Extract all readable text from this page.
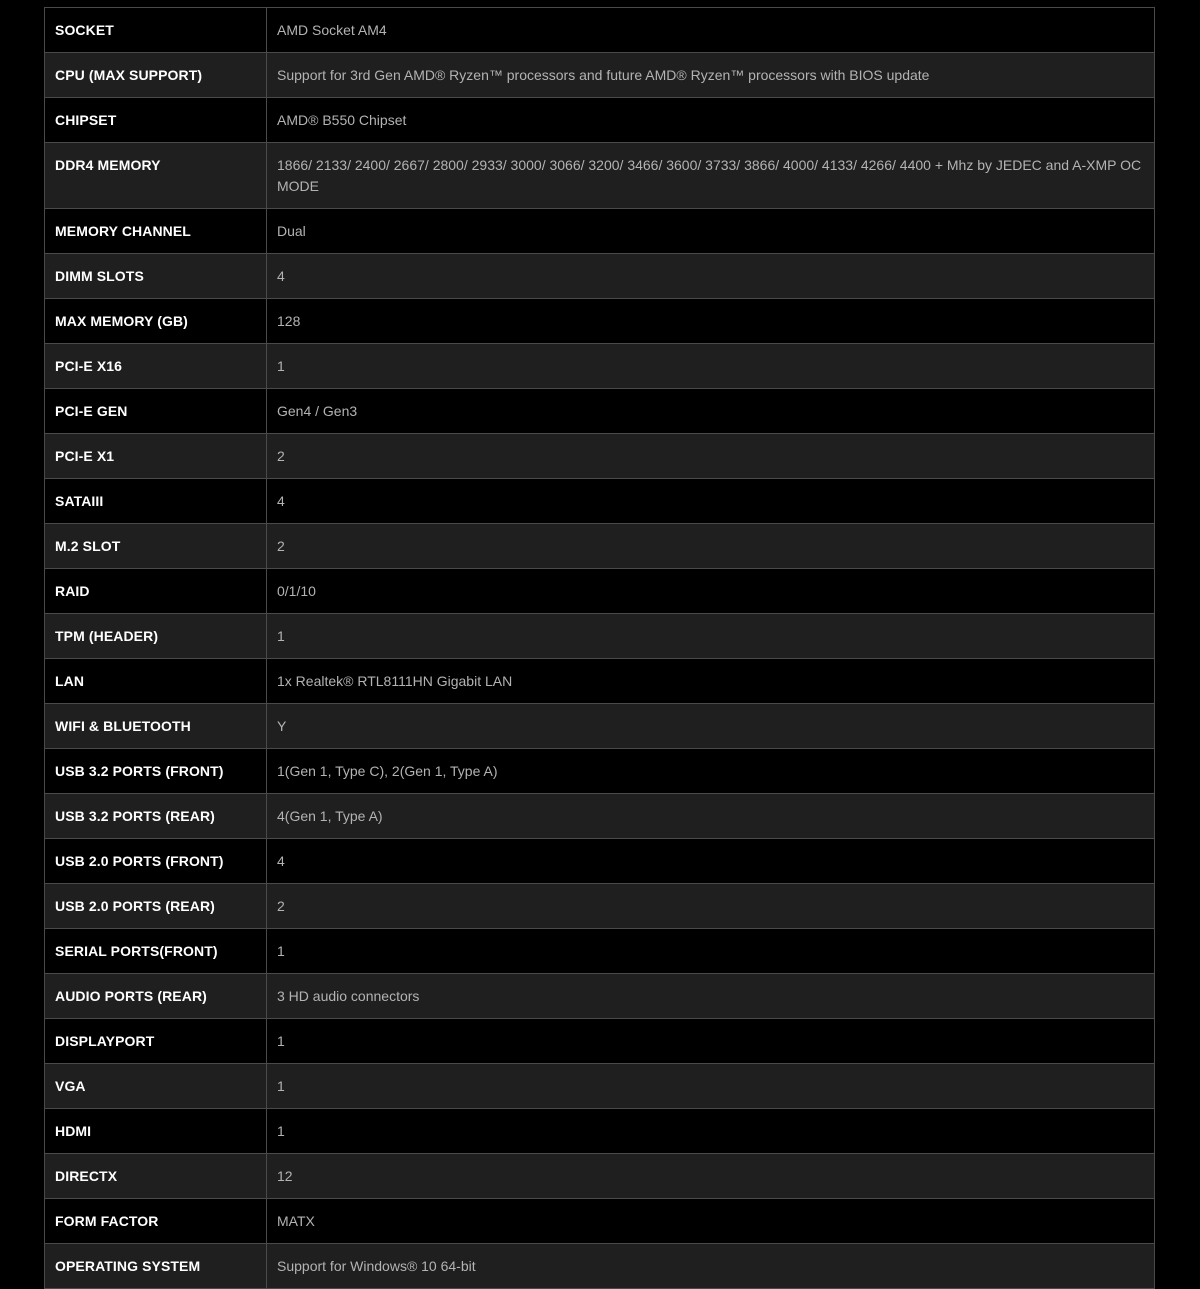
SOCKET	AMD Socket AM4
CPU (MAX SUPPORT)	Support for 3rd Gen AMD® Ryzen™ processors and future AMD® Ryzen™ processors with BIOS update
CHIPSET	AMD® B550 Chipset
DDR4 MEMORY	1866/ 2133/ 2400/ 2667/ 2800/ 2933/ 3000/ 3066/ 3200/ 3466/ 3600/ 3733/ 3866/ 4000/ 4133/ 4266/ 4400 + Mhz by JEDEC and A-XMP OC MODE
MEMORY CHANNEL	Dual
DIMM SLOTS	4
MAX MEMORY (GB)	128
PCI-E X16	1
PCI-E GEN	Gen4 / Gen3
PCI-E X1	2
SATAIII	4
M.2 SLOT	2
RAID	0/1/10
TPM (HEADER)	1
LAN	1x Realtek® RTL8111HN Gigabit LAN
WIFI & BLUETOOTH	Y
USB 3.2 PORTS (FRONT)	1(Gen 1, Type C), 2(Gen 1, Type A)
USB 3.2 PORTS (REAR)	4(Gen 1, Type A)
USB 2.0 PORTS (FRONT)	4
USB 2.0 PORTS (REAR)	2
SERIAL PORTS(FRONT)	1
AUDIO PORTS (REAR)	3 HD audio connectors
DISPLAYPORT	1
VGA	1
HDMI	1
DIRECTX	12
FORM FACTOR	MATX
OPERATING SYSTEM	Support for Windows® 10 64-bit
